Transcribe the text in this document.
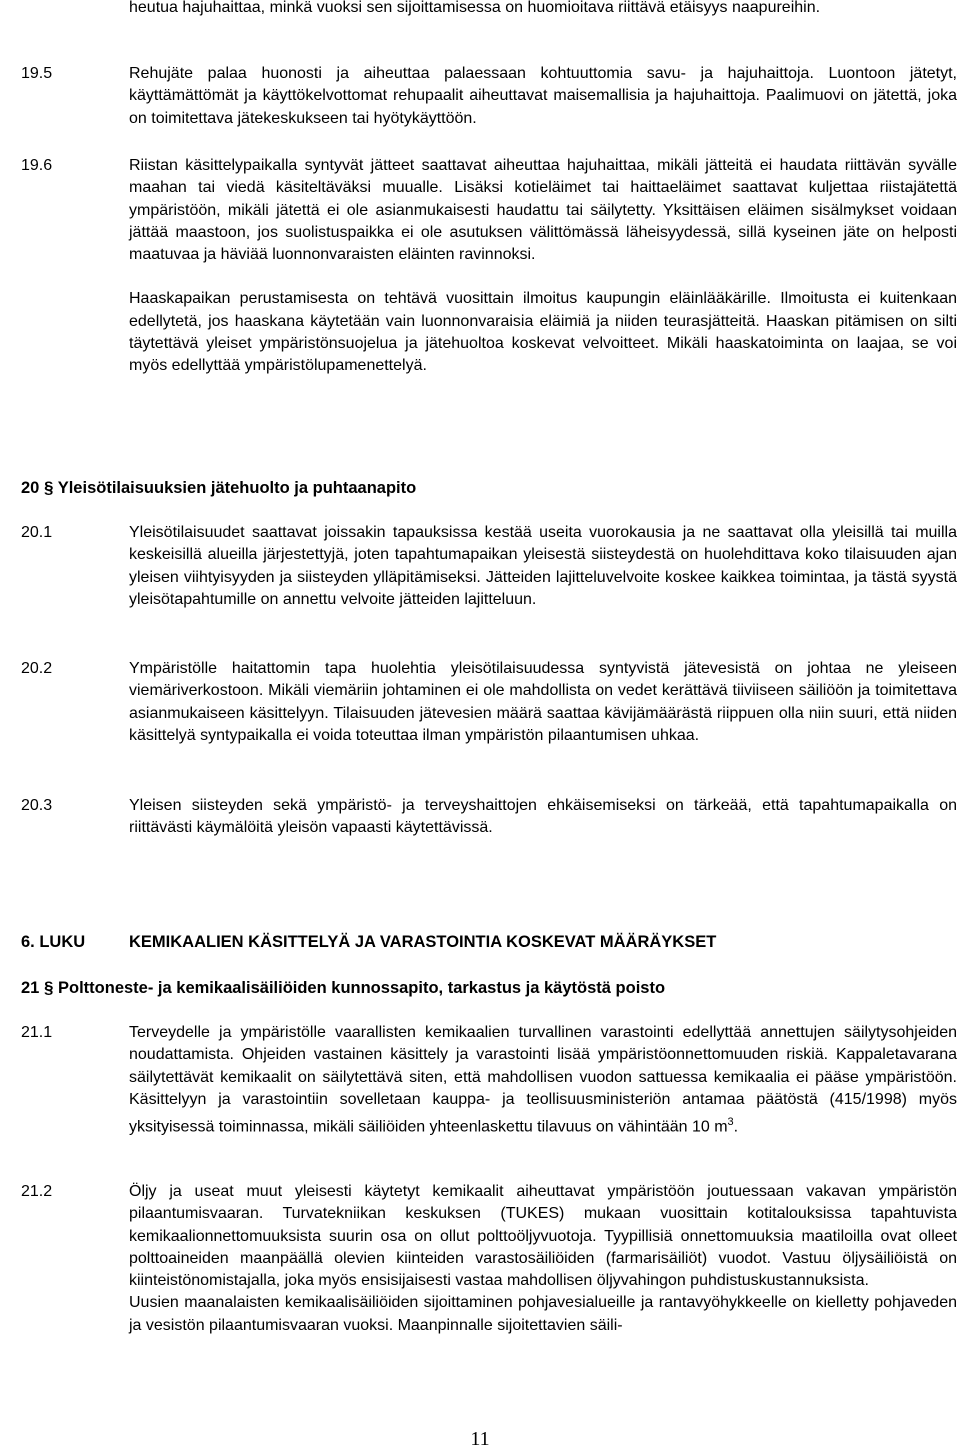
heutua hajuhaittaa, minkä vuoksi sen sijoittamisessa on huomioitava riittävä etäisyys naapureihin.

19.5	Rehujäte palaa huonosti ja aiheuttaa palaessaan kohtuuttomia savu- ja hajuhaittoja. Luontoon jätetyt, käyttämättömät ja käyttökelvottomat rehupaalit aiheuttavat maisemallisia ja hajuhaittoja. Paalimuovi on jätettä, joka on toimitettava jätekeskukseen tai hyötykäyttöön.

19.6	Riistan käsittelypaikalla syntyvät jätteet saattavat aiheuttaa hajuhaittaa, mikäli jätteitä ei haudata riittävän syvälle maahan tai viedä käsiteltäväksi muualle. Lisäksi kotieläimet tai haittaeläimet saattavat kuljettaa riistajätettä ympäristöön, mikäli jätettä ei ole asianmukaisesti haudattu tai säilytetty. Yksittäisen eläimen sisälmykset voidaan jättää maastoon, jos suolistuspaikka ei ole asutuksen välittömässä läheisyydessä, sillä kyseinen jäte on helposti maatuvaa ja häviää luonnonvaraisten eläinten ravinnoksi.

Haaskapaikan perustamisesta on tehtävä vuosittain ilmoitus kaupungin eläinlääkärille. Ilmoitusta ei kuitenkaan edellytetä, jos haaskana käytetään vain luonnonvaraisia eläimiä ja niiden teurasjätteitä. Haaskan pitämisen on silti täytettävä yleiset ympäristönsuojelua ja jätehuoltoa koskevat velvoitteet. Mikäli haaskatoiminta on laajaa, se voi myös edellyttää ympäristölupamenettelyä.

20 § Yleisötilaisuuksien jätehuolto ja puhtaanapito
20.1	Yleisötilaisuudet saattavat joissakin tapauksissa kestää useita vuorokausia ja ne saattavat olla yleisillä tai muilla keskeisillä alueilla järjestettyjä, joten tapahtumapaikan yleisestä siisteydestä on huolehdittava koko tilaisuuden ajan yleisen viihtyisyyden ja siisteyden ylläpitämiseksi. Jätteiden lajitteluvelvoite koskee kaikkea toimintaa, ja tästä syystä yleisötapahtumille on annettu velvoite jätteiden lajitteluun.

20.2	Ympäristölle haitattomin tapa huolehtia yleisötilaisuudessa syntyvistä jätevesistä on johtaa ne yleiseen viemäriverkostoon. Mikäli viemäriin johtaminen ei ole mahdollista on vedet kerättävä tiiviiseen säiliöön ja toimitettava asianmukaiseen käsittelyyn. Tilaisuuden jätevesien määrä saattaa kävijämäärästä riippuen olla niin suuri, että niiden käsittelyä syntypaikalla ei voida toteuttaa ilman ympäristön pilaantumisen uhkaa.

20.3	Yleisen siisteyden sekä ympäristö- ja terveyshaittojen ehkäisemiseksi on tärkeää, että tapahtumapaikalla on riittävästi käymälöitä yleisön vapaasti käytettävissä.

6. LUKU	KEMIKAALIEN KÄSITTELYÄ JA VARASTOINTIA KOSKEVAT MÄÄRÄYKSET
21 § Polttoneste- ja kemikaalisäiliöiden kunnossapito, tarkastus ja käytöstä poisto
21.1	Terveydelle ja ympäristölle vaarallisten kemikaalien turvallinen varastointi edellyttää annettujen säilytysohjeiden noudattamista. Ohjeiden vastainen käsittely ja varastointi lisää ympäristöonnettomuuden riskiä. Kappaletavarana säilytettävät kemikaalit on säilytettävä siten, että mahdollisen vuodon sattuessa kemikaalia ei pääse ympäristöön. Käsittelyyn ja varastointiin sovelletaan kauppa- ja teollisuusministeriön antamaa päätöstä (415/1998) myös yksityisessä toiminnassa, mikäli säiliöiden yhteenlaskettu tilavuus on vähintään 10 $m^3$.

21.2	Öljy ja useat muut yleisesti käytetyt kemikaalit aiheuttavat ympäristöön joutuessaan vakavan ympäristön pilaantumisvaaran. Turvatekniikan keskuksen (TUKES) mukaan vuosittain kotitalouksissa tapahtuvista kemikaalionnettomuuksista suurin osa on ollut polttoöljyvuotoja. Tyypillisiä onnettomuuksia maatiloilla ovat olleet polttoaineiden maanpäällä olevien kiinteiden varastosäiliöiden (farmarisäiliöt) vuodot. Vastuu öljysäiliöistä on kiinteistönomistajalla, joka myös ensisijaisesti vastaa mahdollisen öljyvahingon puhdistuskustannuksista.

Uusien maanalaisten kemikaalisäiliöiden sijoittaminen pohjavesialueille ja rantavyöhykkeelle on kielletty pohjaveden ja vesistön pilaantumisvaaran vuoksi. Maanpinnalle sijoitettavien säili-

11
